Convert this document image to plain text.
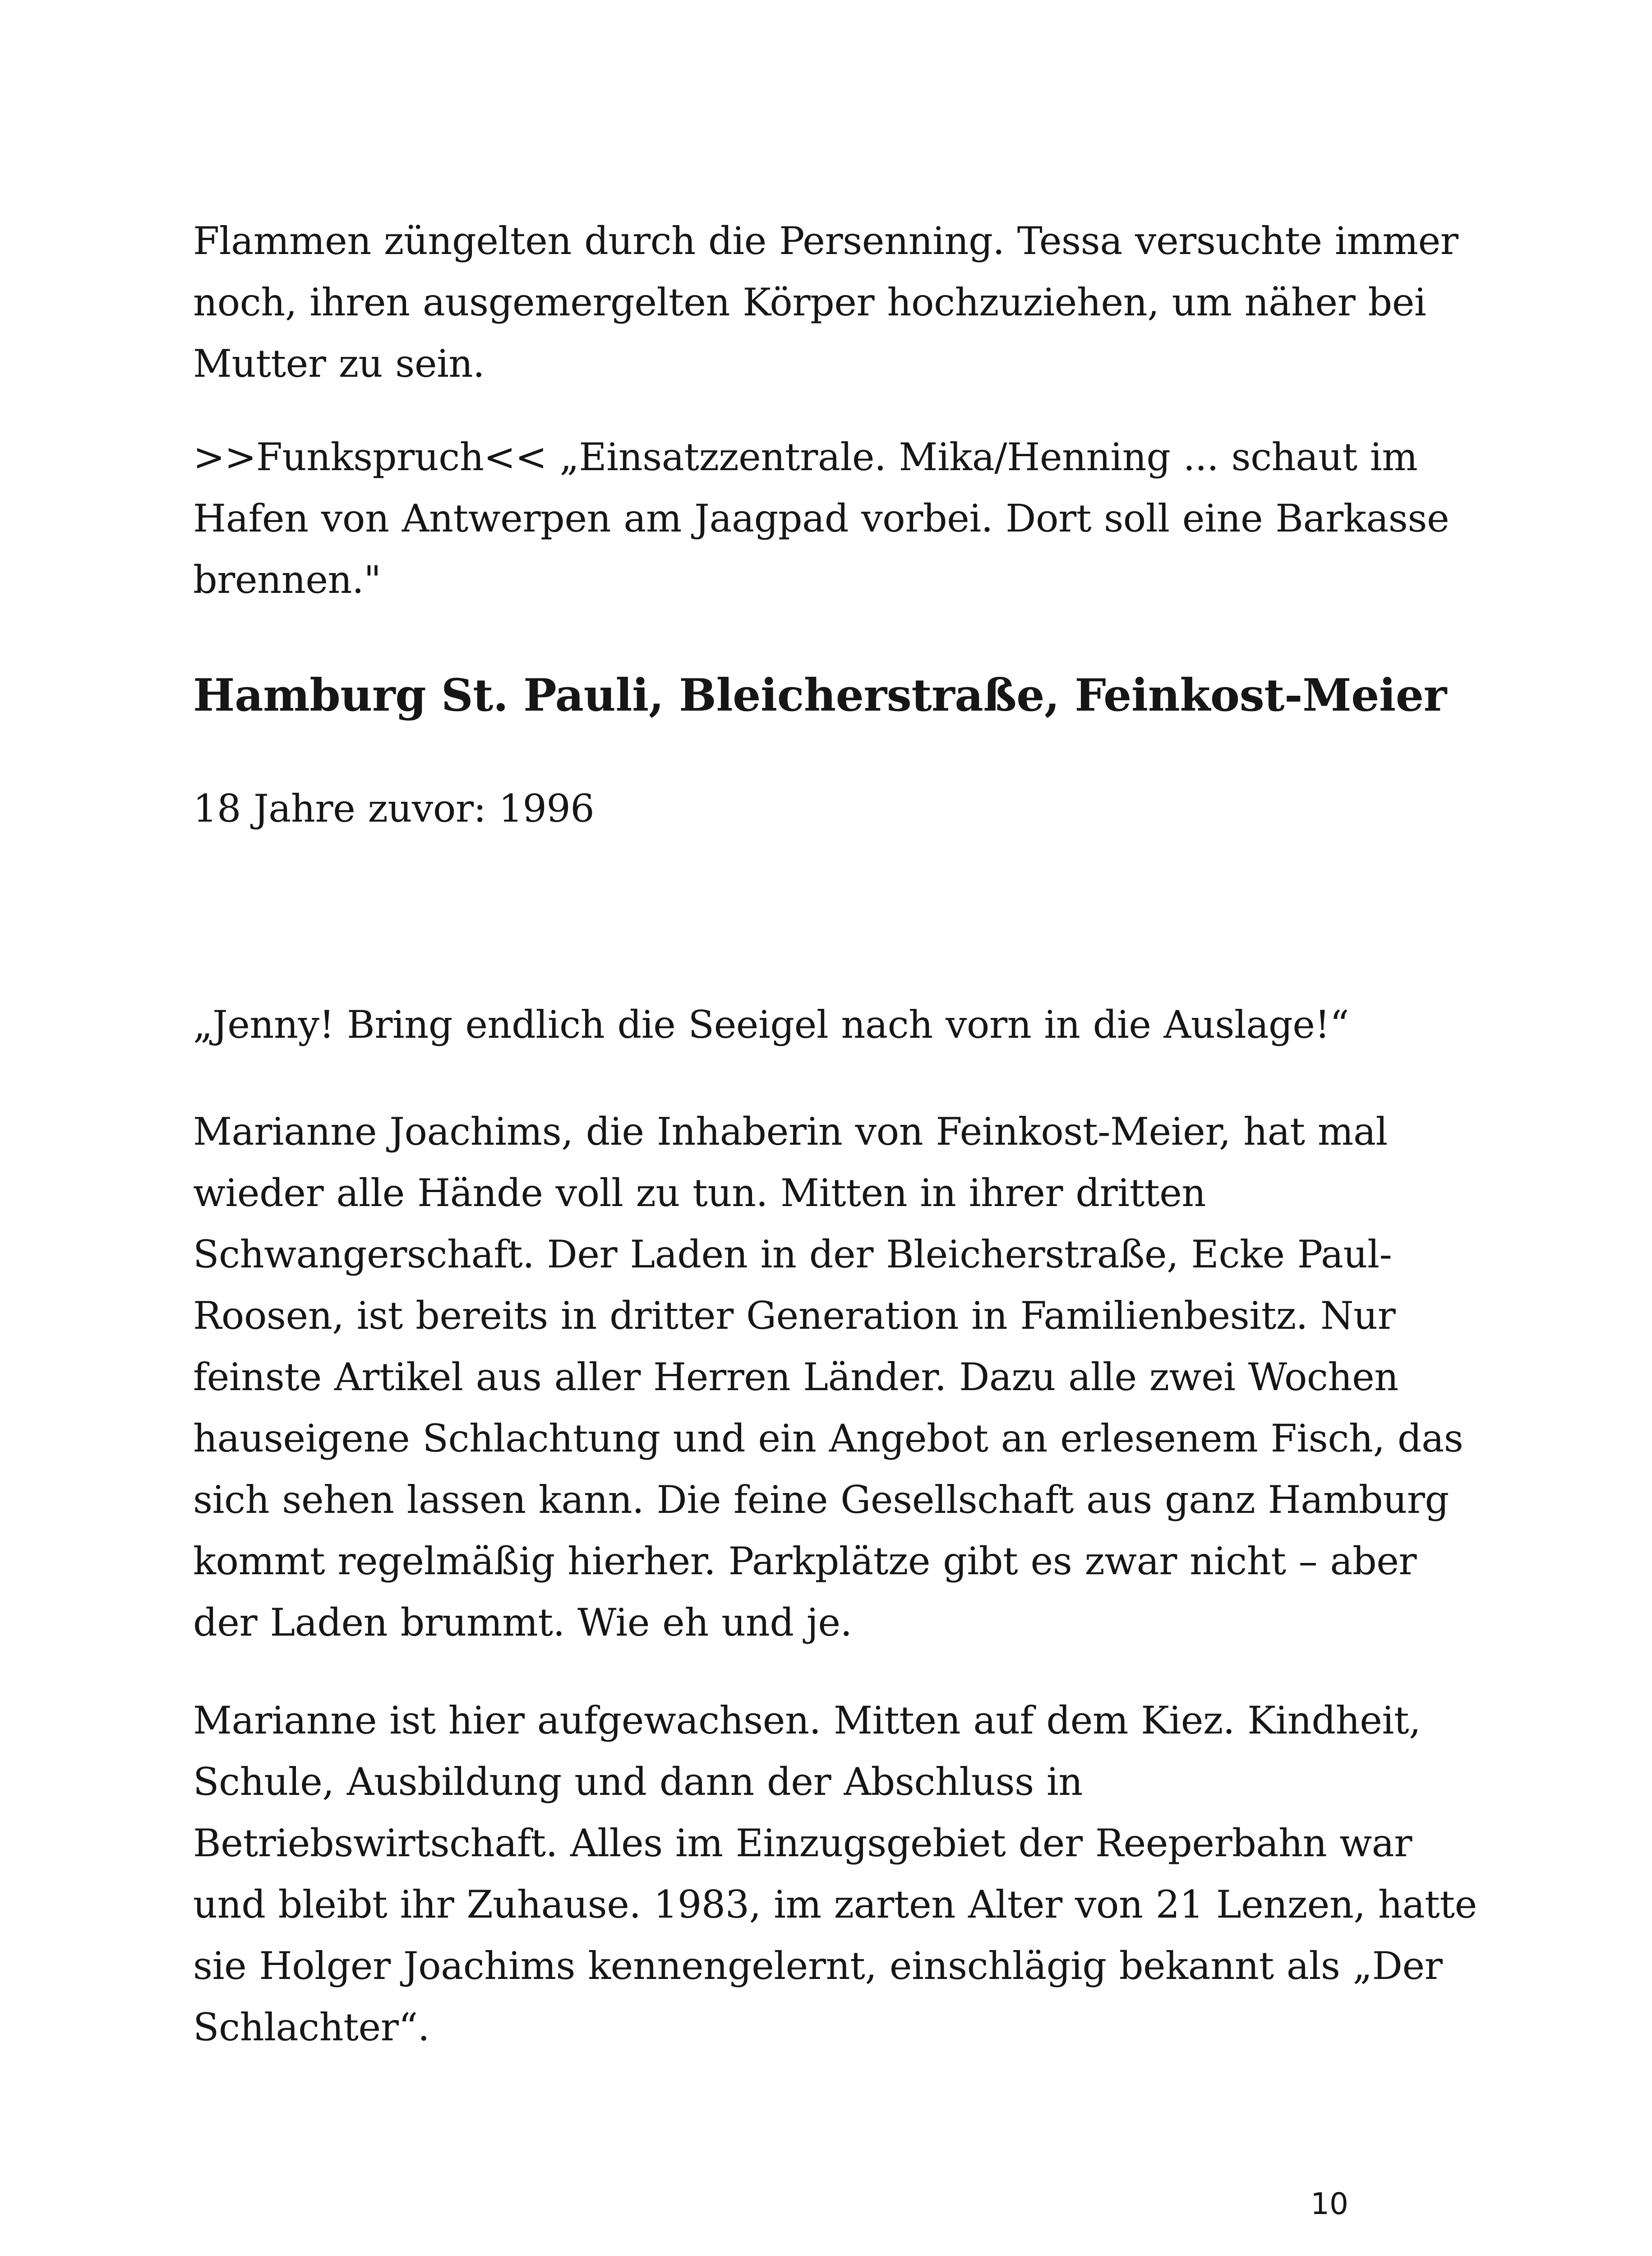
Flammen züngelten durch die Persenning. Tessa versuchte immer
noch, ihren ausgemergelten Körper hochzuziehen, um näher bei
Mutter zu sein.

>>Funkspruch<< „Einsatzzentrale. Mika/Henning ... schaut im
Hafen von Antwerpen am Jaagpad vorbei. Dort soll eine Barkasse
brennen."

Hamburg St. Pauli, Bleicherstraße, Feinkost-Meier

18 Jahre zuvor: 1996

„Jenny! Bring endlich die Seeigel nach vorn in die Auslage!“

Marianne Joachims, die Inhaberin von Feinkost-Meier, hat mal
wieder alle Hände voll zu tun. Mitten in ihrer dritten
Schwangerschaft. Der Laden in der Bleicherstraße, Ecke Paul-
Roosen, ist bereits in dritter Generation in Familienbesitz. Nur
feinste Artikel aus aller Herren Länder. Dazu alle zwei Wochen
hauseigene Schlachtung und ein Angebot an erlesenem Fisch, das
sich sehen lassen kann. Die feine Gesellschaft aus ganz Hamburg
kommt regelmäßig hierher. Parkplätze gibt es zwar nicht – aber
der Laden brummt. Wie eh und je.

Marianne ist hier aufgewachsen. Mitten auf dem Kiez. Kindheit,
Schule, Ausbildung und dann der Abschluss in
Betriebswirtschaft. Alles im Einzugsgebiet der Reeperbahn war
und bleibt ihr Zuhause. 1983, im zarten Alter von 21 Lenzen, hatte
sie Holger Joachims kennengelernt, einschlägig bekannt als „Der
Schlachter“.

10
